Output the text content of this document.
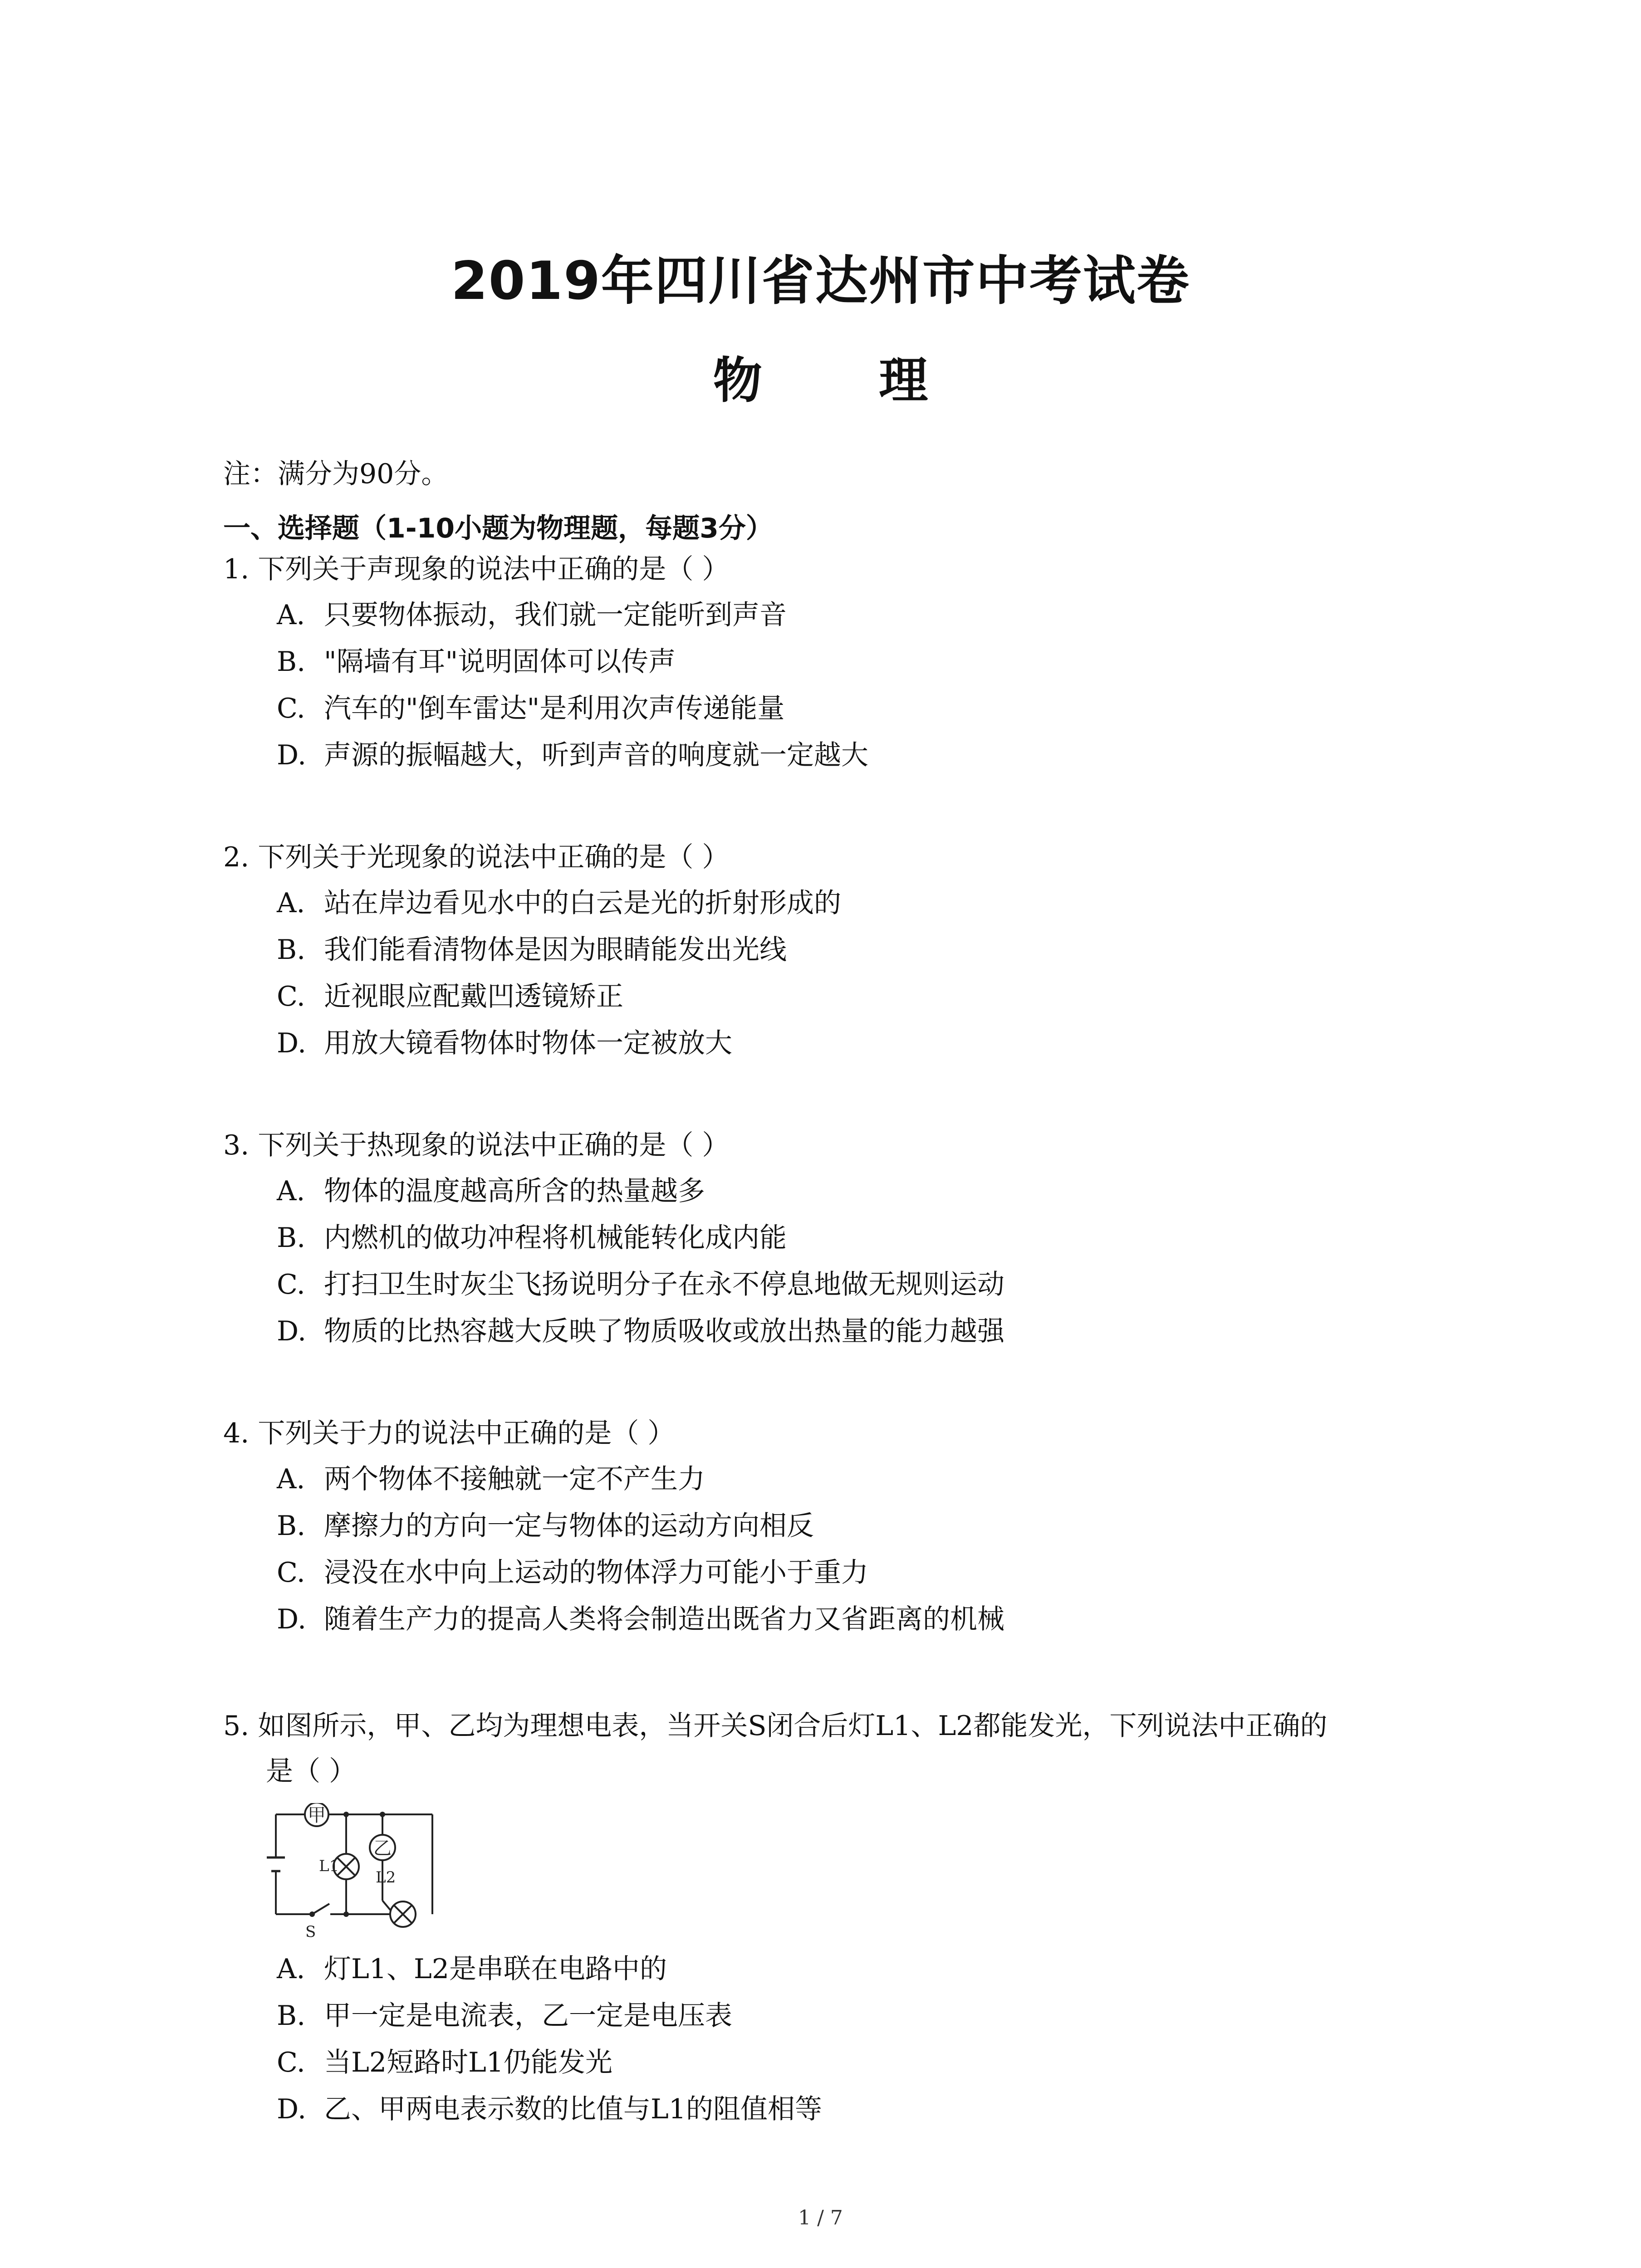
2019年四川省达州市中考试卷
物 理
注：满分为90分。
一、选择题（1-10小题为物理题，每题3分）

1. 下列关于声现象的说法中正确的是（ ）

A. 只要物体振动，我们就一定能听到声音
B. "隔墙有耳"说明固体可以传声
C. 汽车的"倒车雷达"是利用次声传递能量
D. 声源的振幅越大，听到声音的响度就一定越大

2. 下列关于光现象的说法中正确的是（ ）

A. 站在岸边看见水中的白云是光的折射形成的
B. 我们能看清物体是因为眼睛能发出光线
C. 近视眼应配戴凹透镜矫正
D. 用放大镜看物体时物体一定被放大

3. 下列关于热现象的说法中正确的是（ ）

A. 物体的温度越高所含的热量越多
B. 内燃机的做功冲程将机械能转化成内能
C. 打扫卫生时灰尘飞扬说明分子在永不停息地做无规则运动
D. 物质的比热容越大反映了物质吸收或放出热量的能力越强

4. 下列关于力的说法中正确的是（ ）

A. 两个物体不接触就一定不产生力
B. 摩擦力的方向一定与物体的运动方向相反
C. 浸没在水中向上运动的物体浮力可能小于重力
D. 随着生产力的提高人类将会制造出既省力又省距离的机械

5. 如图所示，甲、乙均为理想电表，当开关S闭合后灯L1、L2都能发光，下列说法中正确的

是（ ）

甲
L1
乙
L2
S
A. 灯L1、L2是串联在电路中的
B. 甲一定是电流表，乙一定是电压表
C. 当L2短路时L1仍能发光
D. 乙、甲两电表示数的比值与L1的阻值相等
1 / 7
